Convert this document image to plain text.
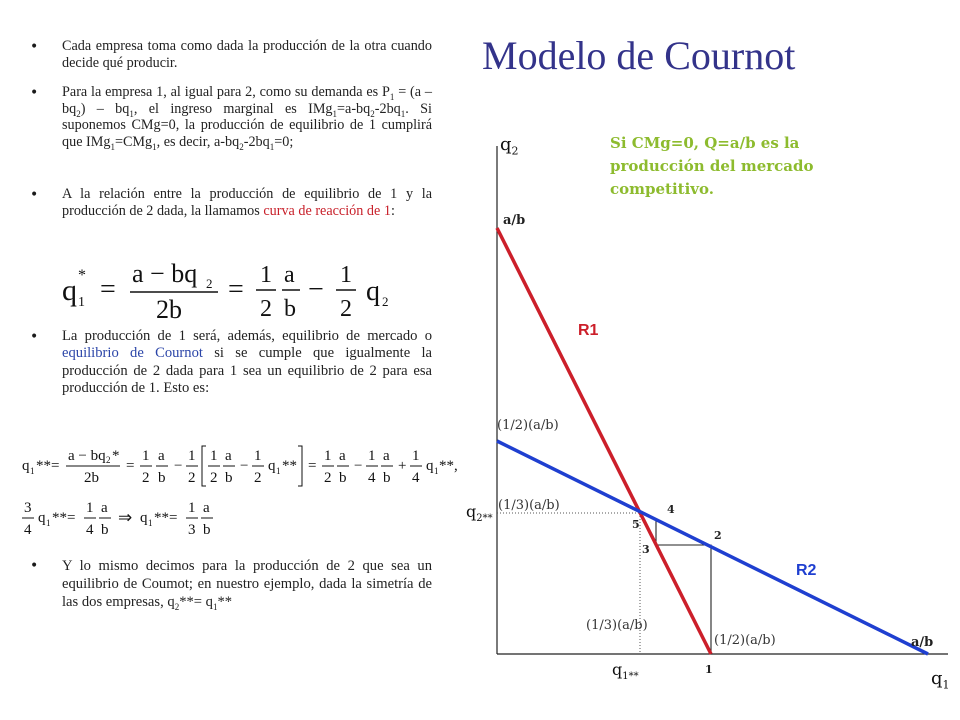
Modelo de Cournot
• Cada empresa toma como dada la producción de la otra cuando decide qué producir.
• Para la empresa 1, al igual para 2, como su demanda es $P_1 = (a - bq_2) - bq_1$, el ingreso marginal es $IMg_1=a-bq_2-2bq_1$. Si suponemos CMg=0, la producción de equilibrio de 1 cumplirá que IMg$_1$=CMg$_1$, es decir, $a-bq_2-2bq_1=0$;
• A la relación entre la producción de equilibrio de 1 y la producción de 2 dada, la llamamos curva de reacción de 1:
q 1
* =
a − bq 2
2b
= 1
2
a
b
− 1
2
q 2
• La producción de 1 será, además, equilibrio de mercado o equilibrio de Cournot si se cumple que igualmente la producción de 2 dada para 1 sea un equilibrio de 2 para esa producción de 1. Esto es:
q 1 **=
a − bq 2 *
2b
=
1
2
a
b
−
1
2
1
2
a
b
−
1
2
q 1 ** =
1
2
a
b
−
1
4
a
b
+
1
4
q 1 **,
3
4
q 1 **=
1
4
a
b
⇒ q 1 **=
1
3
a
b
• Y lo mismo decimos para la producción de 2 que sea un equilibrio de Coumot; en nuestro ejemplo, dada la simetría de las dos empresas, $q_2**= q_1**$
Si CMg=0, Q=a/b es la producción del mercado competitivo.
$q_2$
$q_1$
a/b
a/b
(1/2)(a/b)
(1/3)(a/b)
(1/3)(a/b)
(1/2)(a/b)
$q_{2**}$
$q_{1**}$
R1
R2
1
2
3
4
5
